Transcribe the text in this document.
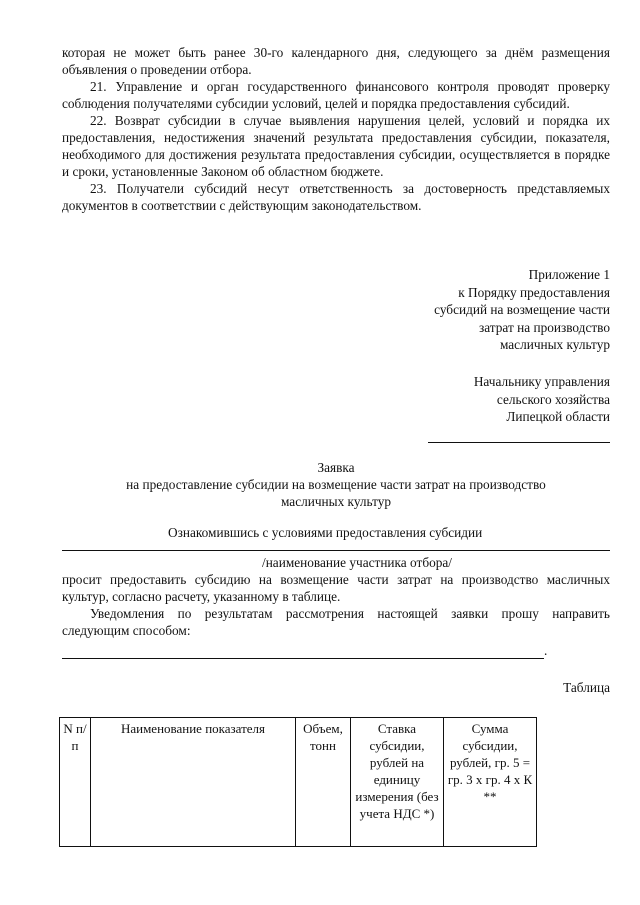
которая не может быть ранее 30-го календарного дня, следующего за днём размещения объявления о проведении отбора.

21. Управление и орган государственного финансового контроля проводят проверку соблюдения получателями субсидии условий, целей и порядка предоставления субсидий.

22. Возврат субсидии в случае выявления нарушения целей, условий и порядка их предоставления, недостижения значений результата предоставления субсидии, показателя, необходимого для достижения результата предоставления субсидии, осуществляется в порядке и сроки, установленные Законом об областном бюджете.

23. Получатели субсидий несут ответственность за достоверность представляемых документов в соответствии с действующим законодательством.

Приложение 1
к Порядку предоставления
субсидий на возмещение части
затрат на производство
масличных культур
Начальнику управления
сельского хозяйства
Липецкой области
Заявка
на предоставление субсидии на возмещение части затрат на производство
масличных культур
Ознакомившись с условиями предоставления субсидии
/наименование участника отбора/

просит предоставить субсидию на возмещение части затрат на производство масличных культур, согласно расчету, указанному в таблице.

Уведомления по результатам рассмотрения настоящей заявки прошу направить следующим способом:

.
Таблица
N п/п	Наименование показателя	Объем, тонн	Ставка субсидии, рублей на единицу измерения (без учета НДС *)	Сумма субсидии, рублей, гр. 5 = гр. 3 х гр. 4 х К **
